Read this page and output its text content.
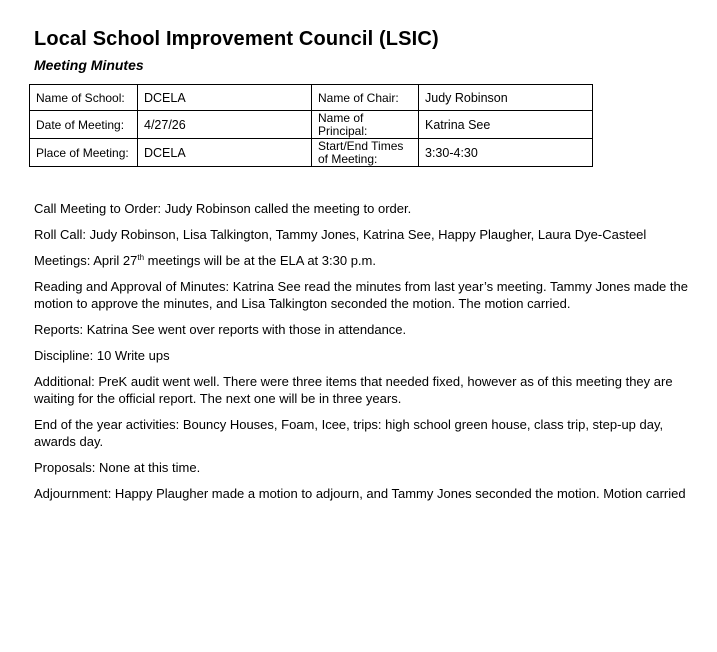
Local School Improvement Council (LSIC)
Meeting Minutes
Name of School:	DCELA	Name of Chair:	Judy Robinson
Date of Meeting:	4/27/26	Name of Principal:	Katrina See
Place of Meeting:	DCELA	Start/End Times of Meeting:	3:30-4:30

Call Meeting to Order: Judy Robinson called the meeting to order.

Roll Call: Judy Robinson, Lisa Talkington, Tammy Jones, Katrina See, Happy Plaugher, Laura Dye-Casteel

Meetings: April 27th meetings will be at the ELA at 3:30 p.m.

Reading and Approval of Minutes: Katrina See read the minutes from last year’s meeting. Tammy Jones made the motion to approve the minutes, and Lisa Talkington seconded the motion. The motion carried.

Reports: Katrina See went over reports with those in attendance.

Discipline: 10 Write ups

Additional: PreK audit went well. There were three items that needed fixed, however as of this meeting they are waiting for the official report. The next one will be in three years.

End of the year activities: Bouncy Houses, Foam, Icee, trips: high school green house, class trip, step-up day, awards day.

Proposals: None at this time.

Adjournment: Happy Plaugher made a motion to adjourn, and Tammy Jones seconded the motion. Motion carried
